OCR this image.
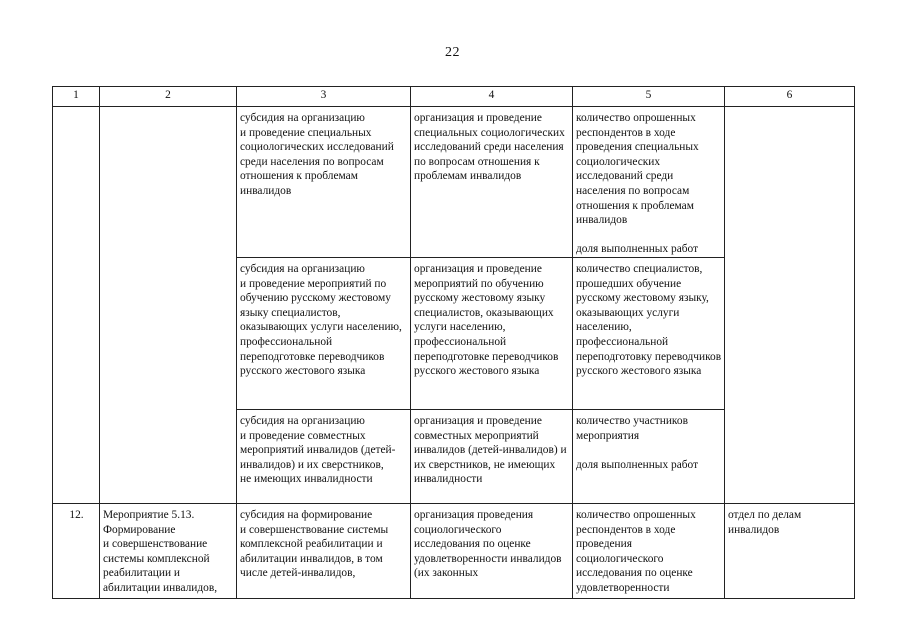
22
1	2	3	4	5	6
		субсидия на организацию
и проведение специальных социологических исследований среди населения по вопросам отношения к проблемам инвалидов	организация и проведение специальных социологических исследований среди населения по вопросам отношения к проблемам инвалидов	количество опрошенных респондентов в ходе проведения специальных социологических исследований среди населения по вопросам отношения к проблемам инвалидов

доля выполненных работ	
		субсидия на организацию
и проведение мероприятий по обучению русскому жестовому языку специалистов, оказывающих услуги населению, профессиональной переподготовке переводчиков русского жестового языка	организация и проведение мероприятий по обучению русскому жестовому языку специалистов, оказывающих услуги населению, профессиональной переподготовке переводчиков русского жестового языка	количество специалистов, прошедших обучение русскому жестовому языку, оказывающих услуги населению, профессиональной переподготовку переводчиков русского жестового языка	
		субсидия на организацию
и проведение совместных мероприятий инвалидов (детей-инвалидов) и их сверстников,
не имеющих инвалидности	организация и проведение совместных мероприятий инвалидов (детей-инвалидов) и их сверстников, не имеющих инвалидности	количество участников мероприятия

доля выполненных работ	
12.	Мероприятие 5.13. Формирование
и совершенствование системы комплексной реабилитации и абилитации инвалидов,	субсидия на формирование
и совершенствование системы комплексной реабилитации и абилитации инвалидов, в том числе детей-инвалидов,	организация проведения социологического исследования по оценке удовлетворенности инвалидов (их законных	количество опрошенных респондентов в ходе проведения социологического исследования по оценке удовлетворенности	отдел по делам инвалидов
